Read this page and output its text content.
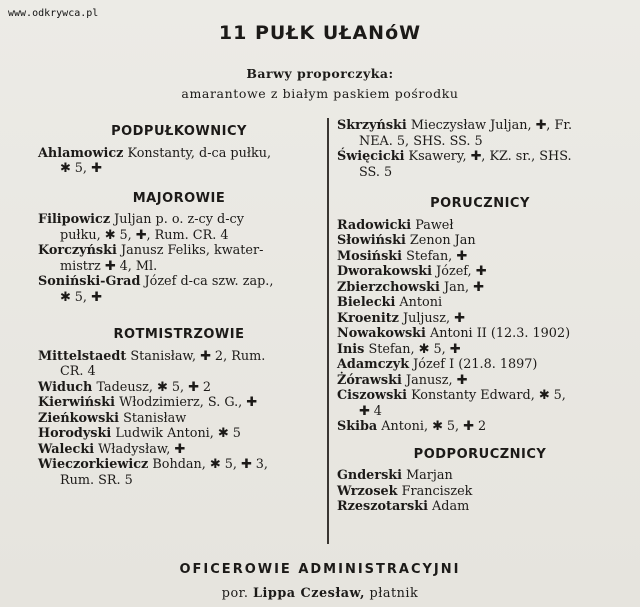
www.odkrywca.pl
11 PUŁK UŁANóW
Barwy proporczyka:
amarantowe z białym paskiem pośrodku
PODPUŁKOWNICY
Ahlamowicz Konstanty, d-ca pułku,
✱ 5, ✚
MAJOROWIE
Filipowicz Juljan p. o. z-cy d-cy
pułku, ✱ 5, ✚, Rum. CR. 4
Korczyński Janusz Feliks, kwater-
mistrz ✚ 4, Ml.
Soniński-Grad Józef d-ca szw. zap.,
✱ 5, ✚
ROTMISTRZOWIE
Mittelstaedt Stanisław, ✚ 2, Rum.
CR. 4
Widuch Tadeusz, ✱ 5, ✚ 2
Kierwiński Włodzimierz, S. G., ✚
Zieńkowski Stanisław
Horodyski Ludwik Antoni, ✱ 5
Walecki Władysław, ✚
Wieczorkiewicz Bohdan, ✱ 5, ✚ 3,
Rum. SR. 5
Skrzyński Mieczysław Juljan, ✚, Fr.
NEA. 5, SHS. SS. 5
Święcicki Ksawery, ✚, KZ. sr., SHS.
SS. 5
PORUCZNICY
Radowicki Paweł
Słowiński Zenon Jan
Mosiński Stefan, ✚
Dworakowski Józef, ✚
Zbierzchowski Jan, ✚
Bielecki Antoni
Kroenitz Juljusz, ✚
Nowakowski Antoni II (12.3. 1902)
Inis Stefan, ✱ 5, ✚
Adamczyk Józef I (21.8. 1897)
Żórawski Janusz, ✚
Ciszowski Konstanty Edward, ✱ 5,
✚ 4
Skiba Antoni, ✱ 5, ✚ 2
PODPORUCZNICY
Gnderski Marjan
Wrzosek Franciszek
Rzeszotarski Adam
OFICEROWIE ADMINISTRACYJNI
por. Lippa Czesław, płatnik
